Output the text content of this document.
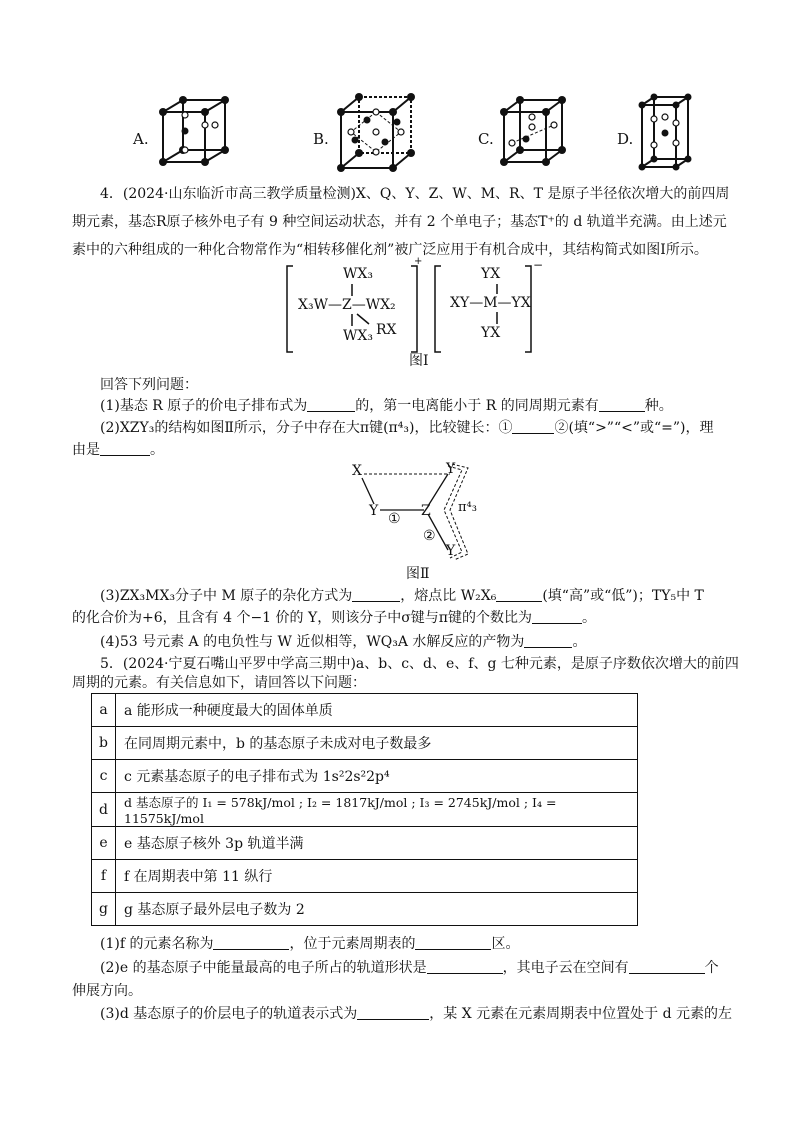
A.	B.	C.	D.
4．(2024·山东临沂市高三教学质量检测)X、Q、Y、Z、W、M、R、T 是原子半径依次增大的前四周
期元素，基态R原子核外电子有 9 种空间运动状态，并有 2 个单电子；基态T⁺的 d 轨道半充满。由上述元
素中的六种组成的一种化合物常作为“相转移催化剂”被广泛应用于有机合成中，其结构简式如图Ⅰ所示。
WX₃
X₃W—Z—WX₂
WX₃ RX
+
YX
XY—M—YX
YX
−
图Ⅰ
回答下列问题：
(1)基态 R 原子的价电子排布式为	的，第一电离能小于 R 的同周期元素有	种。
(2)XZY₃的结构如图Ⅱ所示，分子中存在大π键(π⁴₃)，比较键长：①	②(填“>”“<”或“=”)，理
由是	。
X	Y
Y	Z
Y
①
②
π⁴₃
图Ⅱ
(3)ZX₃MX₃分子中 M 原子的杂化方式为	，熔点比 W₂X₆	(填“高”或“低”)；TY₅中 T
的化合价为+6，且含有 4 个−1 价的 Y，则该分子中σ键与π键的个数比为	。
(4)53 号元素 A 的电负性与 W 近似相等，WQ₃A 水解反应的产物为	。
5．(2024·宁夏石嘴山平罗中学高三期中)a、b、c、d、e、f、g 七种元素，是原子序数依次增大的前四
周期的元素。有关信息如下，请回答以下问题：
a	a 能形成一种硬度最大的固体单质
b	在同周期元素中，b 的基态原子未成对电子数最多
c	c 元素基态原子的电子排布式为 1s²2s²2p⁴
d	d 基态原子的 I₁ = 578kJ/mol ; I₂ = 1817kJ/mol ; I₃ = 2745kJ/mol ; I₄ = 11575kJ/mol
e	e 基态原子核外 3p 轨道半满
f	f 在周期表中第 11 纵行
g	g 基态原子最外层电子数为 2
(1)f 的元素名称为	，位于元素周期表的	区。
(2)e 的基态原子中能量最高的电子所占的轨道形状是	，其电子云在空间有	个
伸展方向。
(3)d 基态原子的价层电子的轨道表示式为	，某 X 元素在元素周期表中位置处于 d 元素的左
